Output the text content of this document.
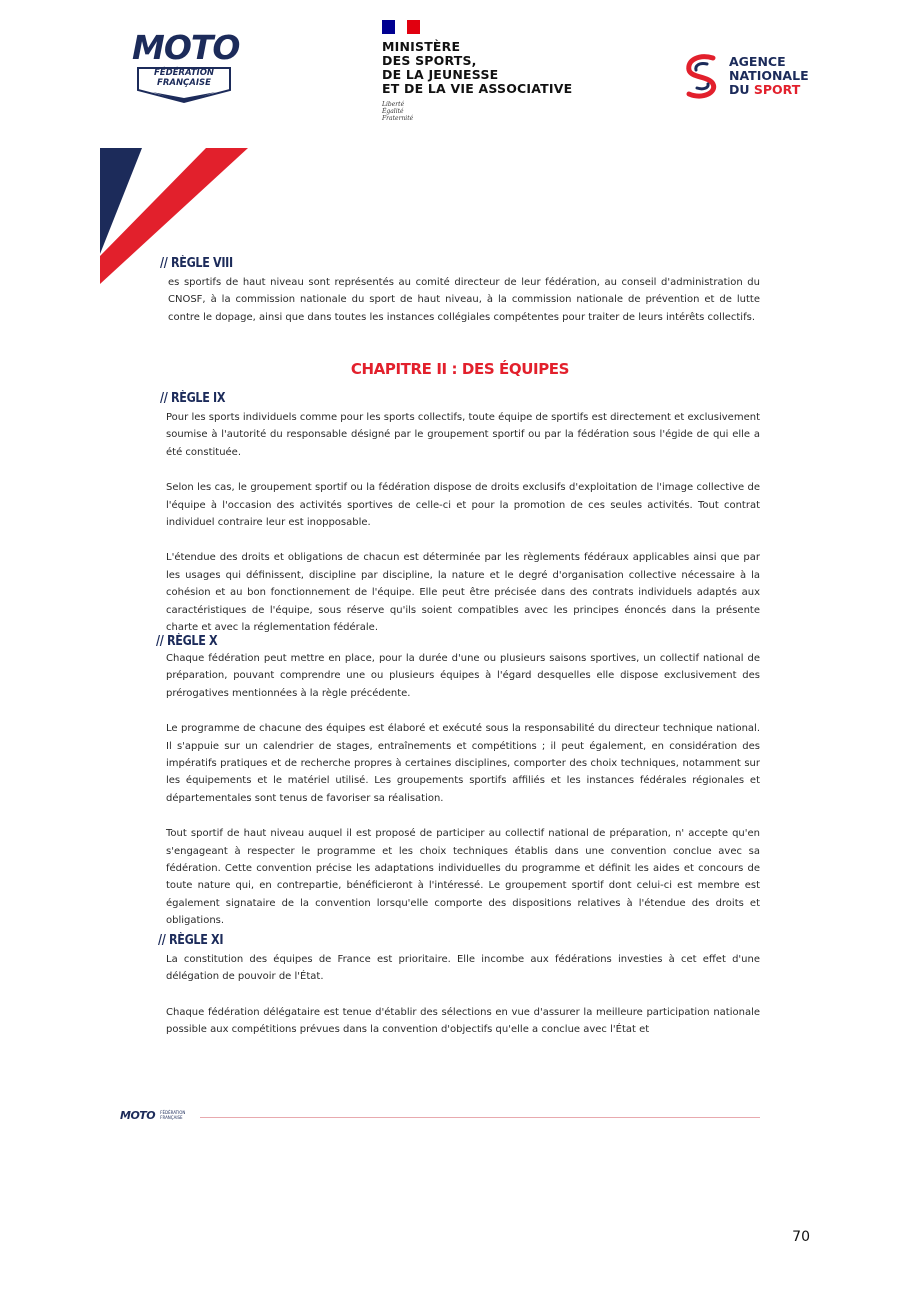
MOTO
FÉDÉRATION
FRANÇAISE
MINISTÈRE
DES SPORTS,
DE LA JEUNESSE
ET DE LA VIE ASSOCIATIVE
Liberté
Égalité
Fraternité
AGENCE
NATIONALE
DU SPORT
// RÈGLE VIII

es sportifs de haut niveau sont représentés au comité directeur de leur fédération, au conseil d'administration du CNOSF, à la commission nationale du sport de haut niveau, à la commission nationale de prévention et de lutte contre le dopage, ainsi que dans toutes les instances collégiales compétentes pour traiter de leurs intérêts collectifs.

CHAPITRE II : DES ÉQUIPES
// RÈGLE IX

Pour les sports individuels comme pour les sports collectifs, toute équipe de sportifs est directement et exclusivement soumise à l'autorité du responsable désigné par le groupement sportif ou par la fédération sous l'égide de qui elle a été constituée.

Selon les cas, le groupement sportif ou la fédération dispose de droits exclusifs d'exploitation de l'image collective de l'équipe à l'occasion des activités sportives de celle-ci et pour la promotion de ces seules activités. Tout contrat individuel contraire leur est inopposable.

L'étendue des droits et obligations de chacun est déterminée par les règlements fédéraux applicables ainsi que par les usages qui définissent, discipline par discipline, la nature et le degré d'organisation collective nécessaire à la cohésion et au bon fonctionnement de l'équipe. Elle peut être précisée dans des contrats individuels adaptés aux caractéristiques de l'équipe, sous réserve qu'ils soient compatibles avec les principes énoncés dans la présente charte et avec la réglementation fédérale.

// RÈGLE X

Chaque fédération peut mettre en place, pour la durée d'une ou plusieurs saisons sportives, un collectif national de préparation, pouvant comprendre une ou plusieurs équipes à l'égard desquelles elle dispose exclusivement des prérogatives mentionnées à la règle précédente.

Le programme de chacune des équipes est élaboré et exécuté sous la responsabilité du directeur technique national. Il s'appuie sur un calendrier de stages, entraînements et compétitions ; il peut également, en considération des impératifs pratiques et de recherche propres à certaines disciplines, comporter des choix techniques, notamment sur les équipements et le matériel utilisé. Les groupements sportifs affiliés et les instances fédérales régionales et départementales sont tenus de favoriser sa réalisation.

Tout sportif de haut niveau auquel il est proposé de participer au collectif national de préparation, n' accepte qu'en s'engageant à respecter le programme et les choix techniques établis dans une convention conclue avec sa fédération. Cette convention précise les adaptations individuelles du programme et définit les aides et concours de toute nature qui, en contrepartie, bénéficieront à l'intéressé. Le groupement sportif dont celui-ci est membre est également signataire de la convention lorsqu'elle comporte des dispositions relatives à l'étendue des droits et obligations.

// RÈGLE XI

La constitution des équipes de France est prioritaire. Elle incombe aux fédérations investies à cet effet d'une délégation de pouvoir de l'État.

Chaque fédération délégataire est tenue d'établir des sélections en vue d'assurer la meilleure participation nationale possible aux compétitions prévues dans la convention d'objectifs qu'elle a conclue avec l'État et

MOTO FÉDÉRATION
FRANÇAISE
70
